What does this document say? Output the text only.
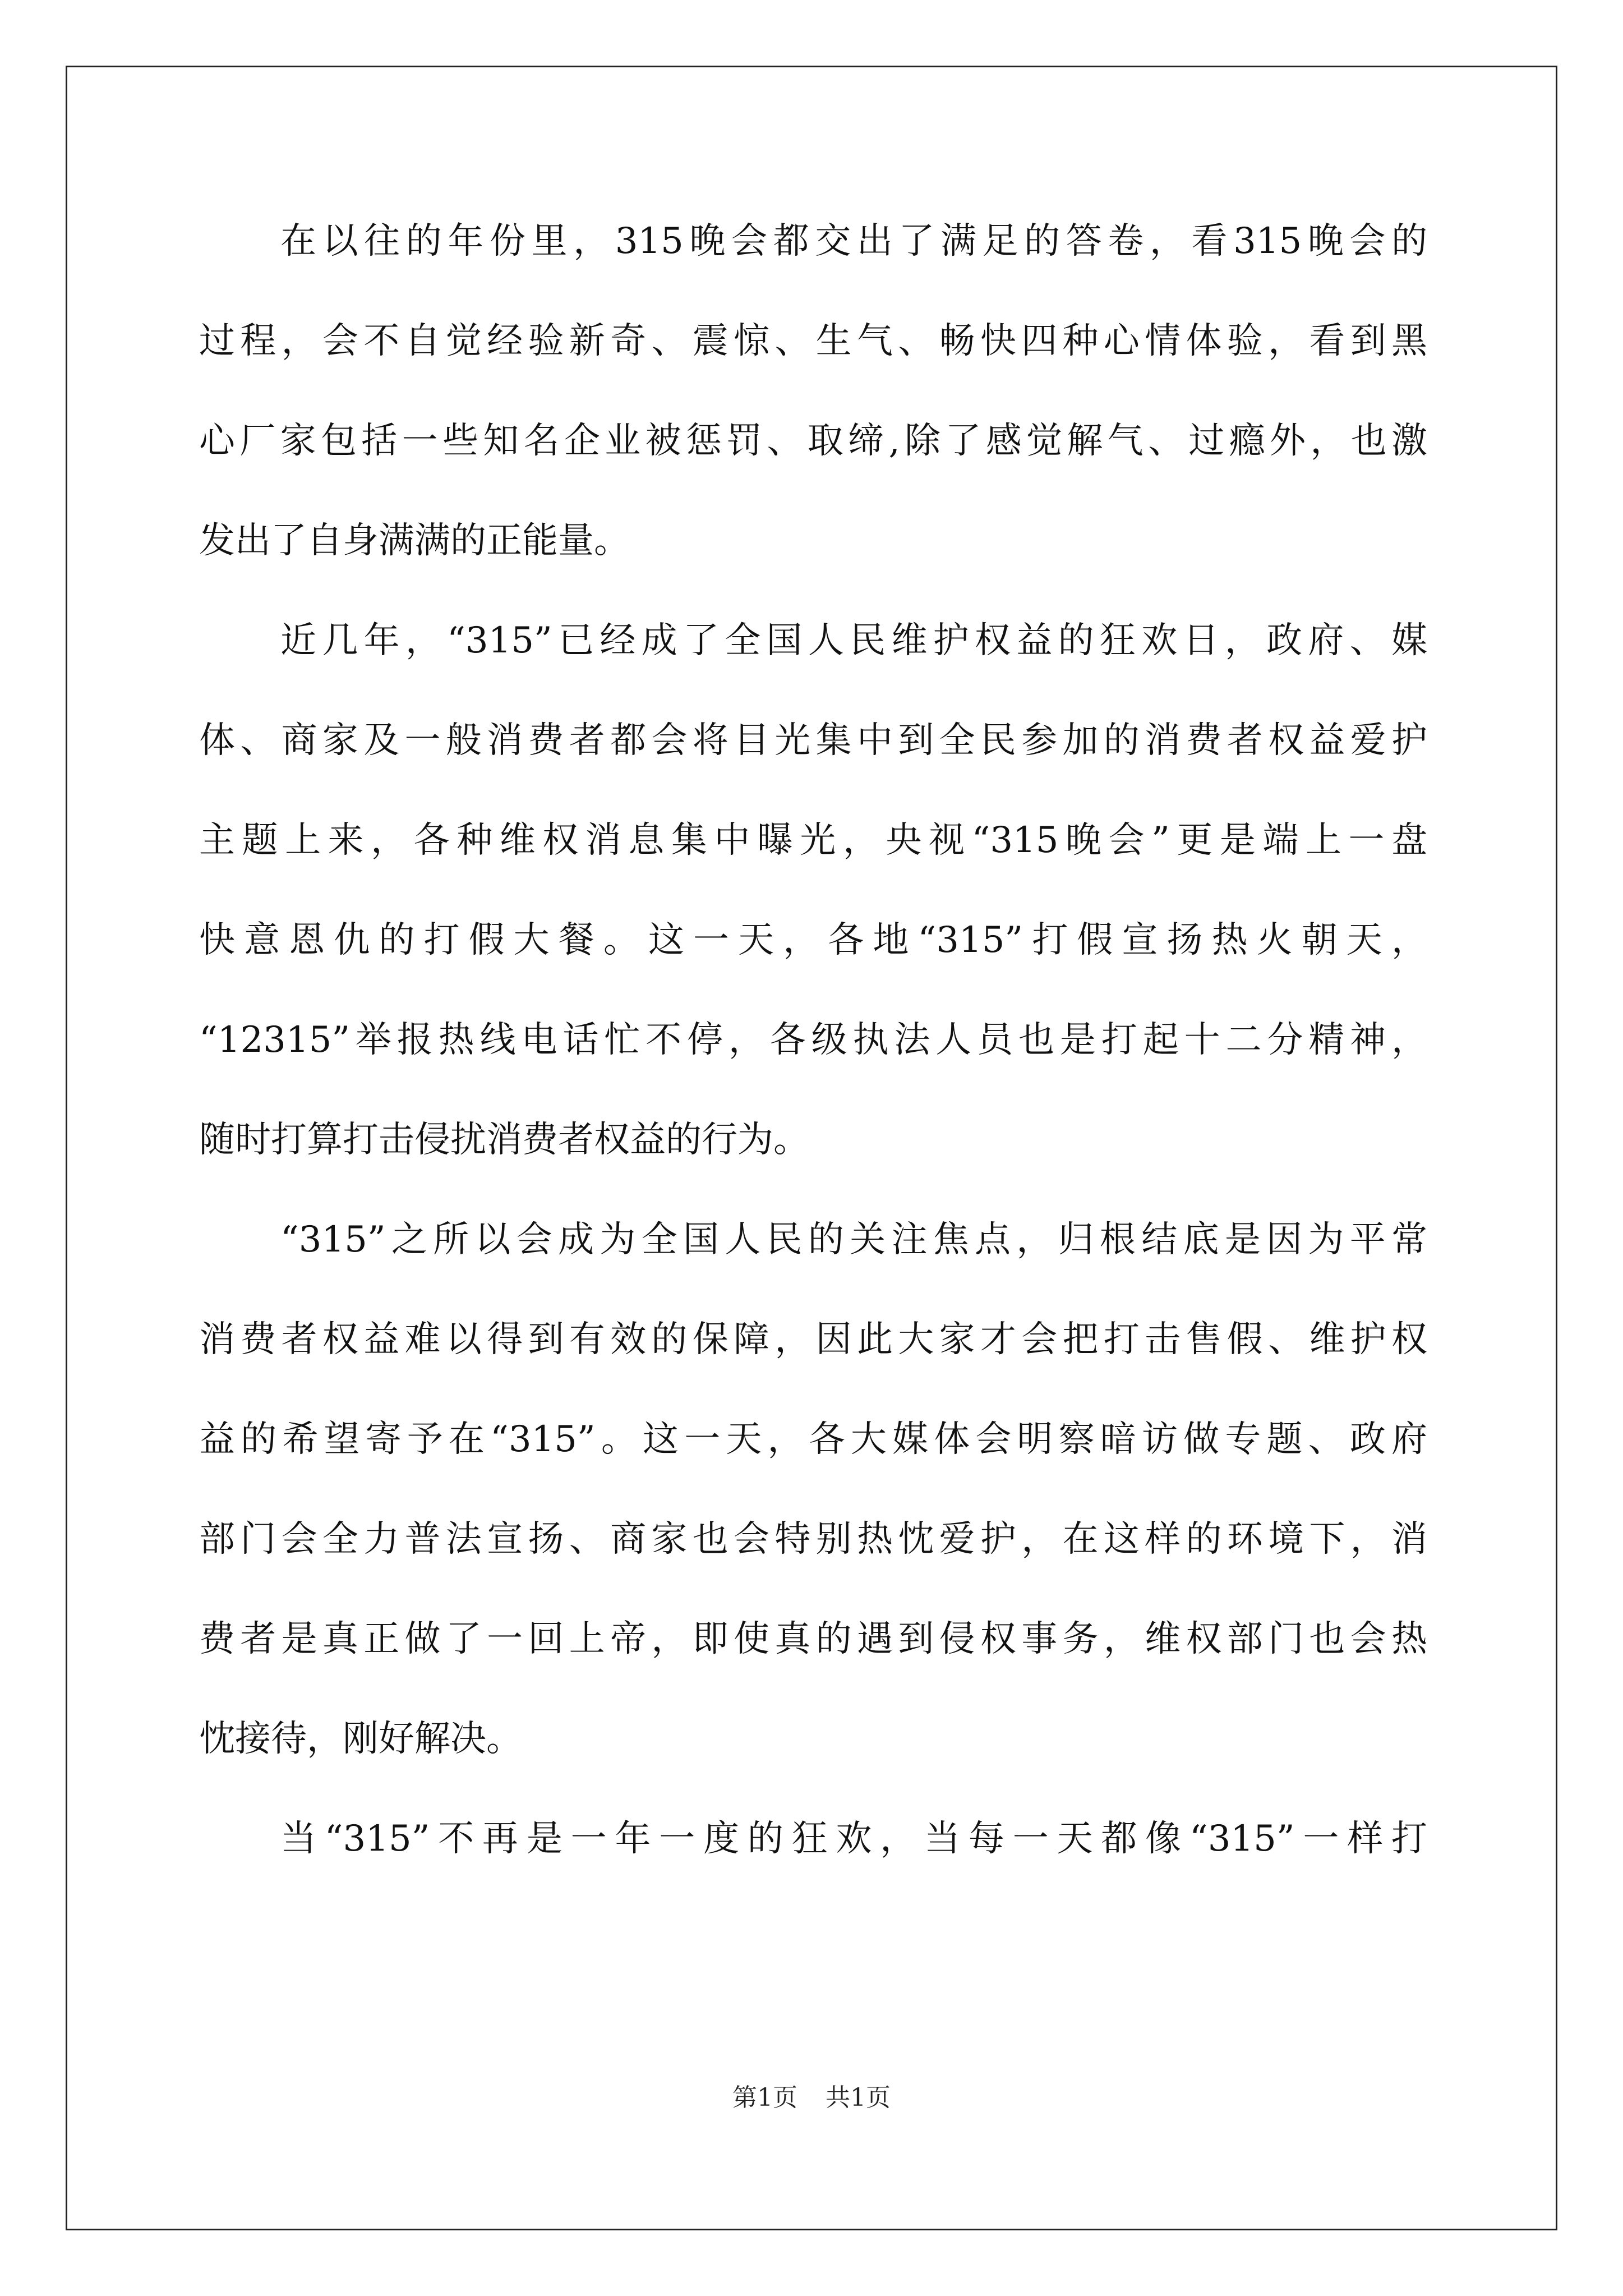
在以往的年份里，315晚会都交出了满足的答卷，看315晚会的
过程，会不自觉经验新奇、震惊、生气、畅快四种心情体验，看到黑
心厂家包括一些知名企业被惩罚、取缔,除了感觉解气、过瘾外，也激
发出了自身满满的正能量。
近几年，“315”已经成了全国人民维护权益的狂欢日，政府、媒
体、商家及一般消费者都会将目光集中到全民参加的消费者权益爱护
主题上来，各种维权消息集中曝光，央视“315晚会”更是端上一盘
快意恩仇的打假大餐。这一天，各地“315”打假宣扬热火朝天，
“12315”举报热线电话忙不停，各级执法人员也是打起十二分精神，
随时打算打击侵扰消费者权益的行为。
“315”之所以会成为全国人民的关注焦点，归根结底是因为平常
消费者权益难以得到有效的保障，因此大家才会把打击售假、维护权
益的希望寄予在“315”。这一天，各大媒体会明察暗访做专题、政府
部门会全力普法宣扬、商家也会特别热忱爱护，在这样的环境下，消
费者是真正做了一回上帝，即使真的遇到侵权事务，维权部门也会热
忱接待，刚好解决。
当“315”不再是一年一度的狂欢，当每一天都像“315”一样打
第1页 共1页
